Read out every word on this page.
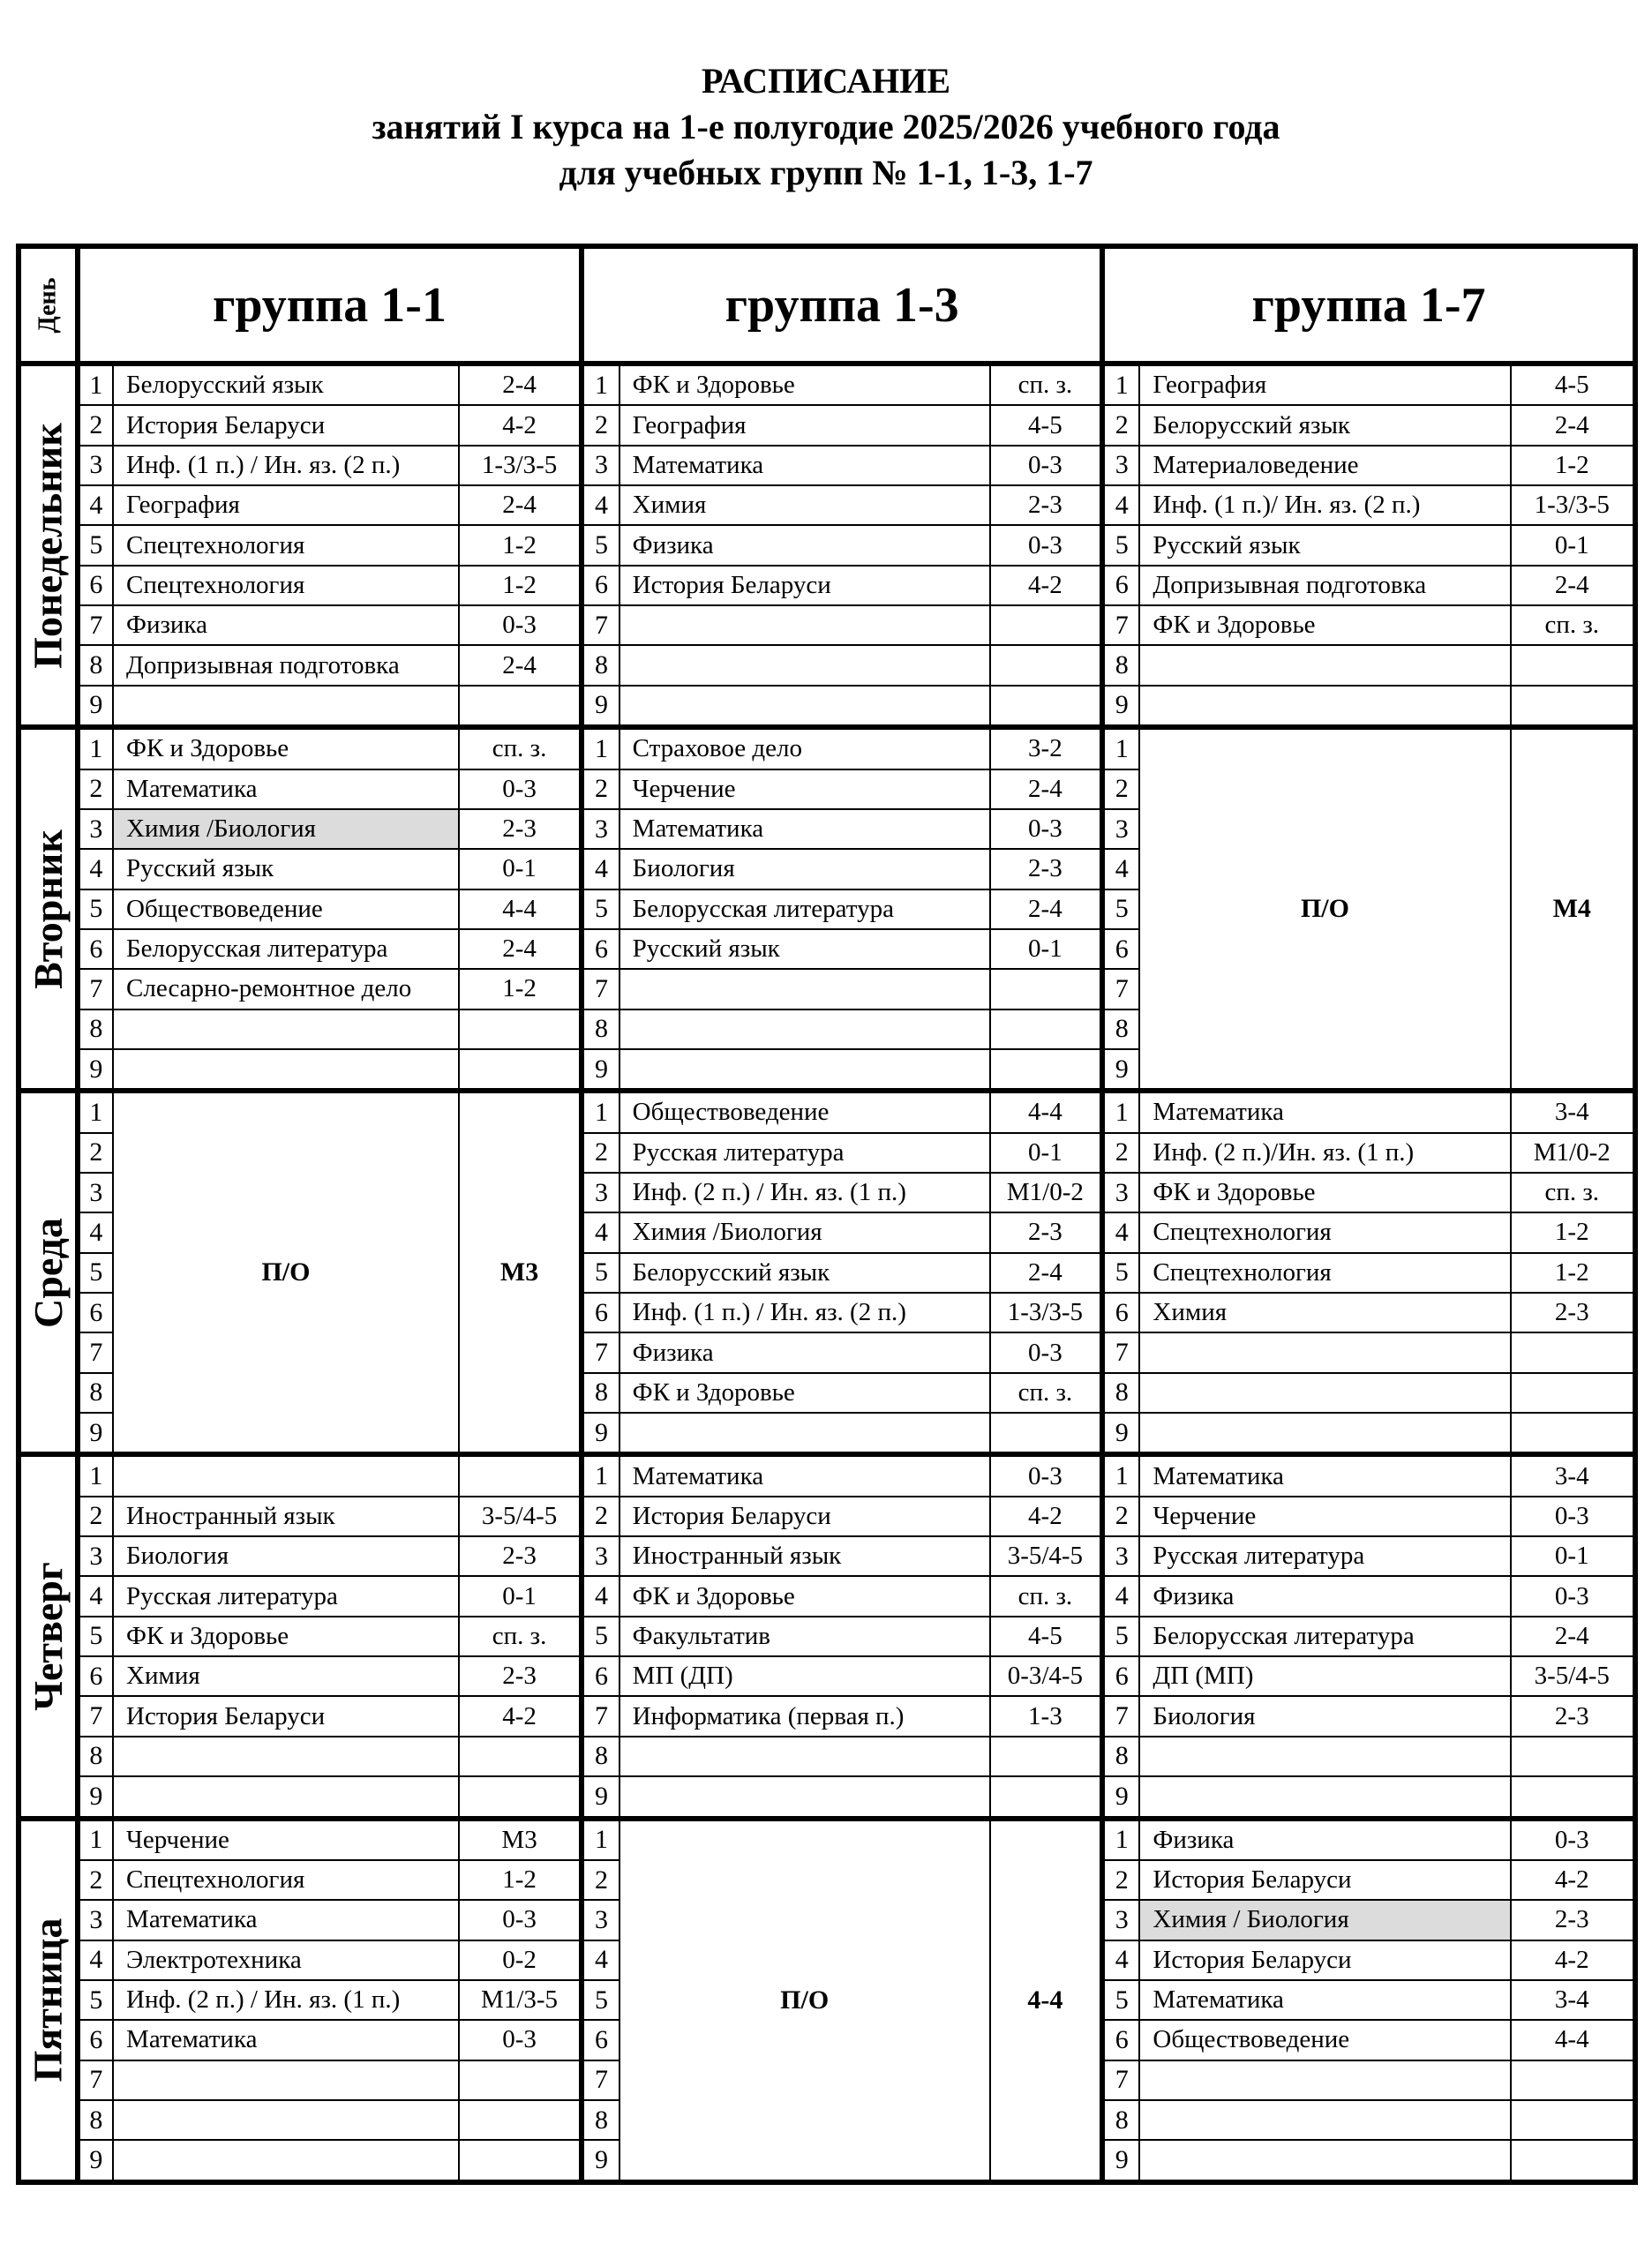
РАСПИСАНИЕ
занятий I курса на 1-е полугодие 2025/2026 учебного года
для учебных групп № 1-1, 1-3, 1-7
День	группа 1-1			группа 1-3			группа 1-7		

Понедельник	1	Белорусский язык	2-4	1	ФК и Здоровье	сп. з.	1	География	4-5
	2	История Беларуси	4-2	2	География	4-5	2	Белорусский язык	2-4
	3	Инф. (1 п.) / Ин. яз. (2 п.)	1-3/3-5	3	Математика	0-3	3	Материаловедение	1-2
	4	География	2-4	4	Химия	2-3	4	Инф. (1 п.)/ Ин. яз. (2 п.)	1-3/3-5
	5	Спецтехнология	1-2	5	Физика	0-3	5	Русский язык	0-1
	6	Спецтехнология	1-2	6	История Беларуси	4-2	6	Допризывная подготовка	2-4
	7	Физика	0-3	7			7	ФК и Здоровье	сп. з.
	8	Допризывная подготовка	2-4	8			8		
	9			9			9		

Вторник	1	ФК и Здоровье	сп. з.	1	Страховое дело	3-2	1	П/О	М4
	2	Математика	0-3	2	Черчение	2-4	2		
	3	Химия /Биология	2-3	3	Математика	0-3	3		
	4	Русский язык	0-1	4	Биология	2-3	4		
	5	Обществоведение	4-4	5	Белорусская литература	2-4	5		
	6	Белорусская литература	2-4	6	Русский язык	0-1	6		
	7	Слесарно-ремонтное дело	1-2	7			7		
	8			8			8		
	9			9			9		

Среда	1	П/О	М3	1	Обществоведение	4-4	1	Математика	3-4
	2			2	Русская литература	0-1	2	Инф. (2 п.)/Ин. яз. (1 п.)	М1/0-2
	3			3	Инф. (2 п.) / Ин. яз. (1 п.)	М1/0-2	3	ФК и Здоровье	сп. з.
	4			4	Химия /Биология	2-3	4	Спецтехнология	1-2
	5			5	Белорусский язык	2-4	5	Спецтехнология	1-2
	6			6	Инф. (1 п.) / Ин. яз. (2 п.)	1-3/3-5	6	Химия	2-3
	7			7	Физика	0-3	7		
	8			8	ФК и Здоровье	сп. з.	8		
	9			9			9		

Четверг	1			1	Математика	0-3	1	Математика	3-4
	2	Иностранный язык	3-5/4-5	2	История Беларуси	4-2	2	Черчение	0-3
	3	Биология	2-3	3	Иностранный язык	3-5/4-5	3	Русская литература	0-1
	4	Русская литература	0-1	4	ФК и Здоровье	сп. з.	4	Физика	0-3
	5	ФК и Здоровье	сп. з.	5	Факультатив	4-5	5	Белорусская литература	2-4
	6	Химия	2-3	6	МП (ДП)	0-3/4-5	6	ДП (МП)	3-5/4-5
	7	История Беларуси	4-2	7	Информатика (первая п.)	1-3	7	Биология	2-3
	8			8			8		
	9			9			9		

Пятница	1	Черчение	М3	1	П/О	4-4	1	Физика	0-3
	2	Спецтехнология	1-2	2			2	История Беларуси	4-2
	3	Математика	0-3	3			3	Химия / Биология	2-3
	4	Электротехника	0-2	4			4	История Беларуси	4-2
	5	Инф. (2 п.) / Ин. яз. (1 п.)	М1/3-5	5			5	Математика	3-4
	6	Математика	0-3	6			6	Обществоведение	4-4
	7			7			7		
	8			8			8		
	9			9			9		
